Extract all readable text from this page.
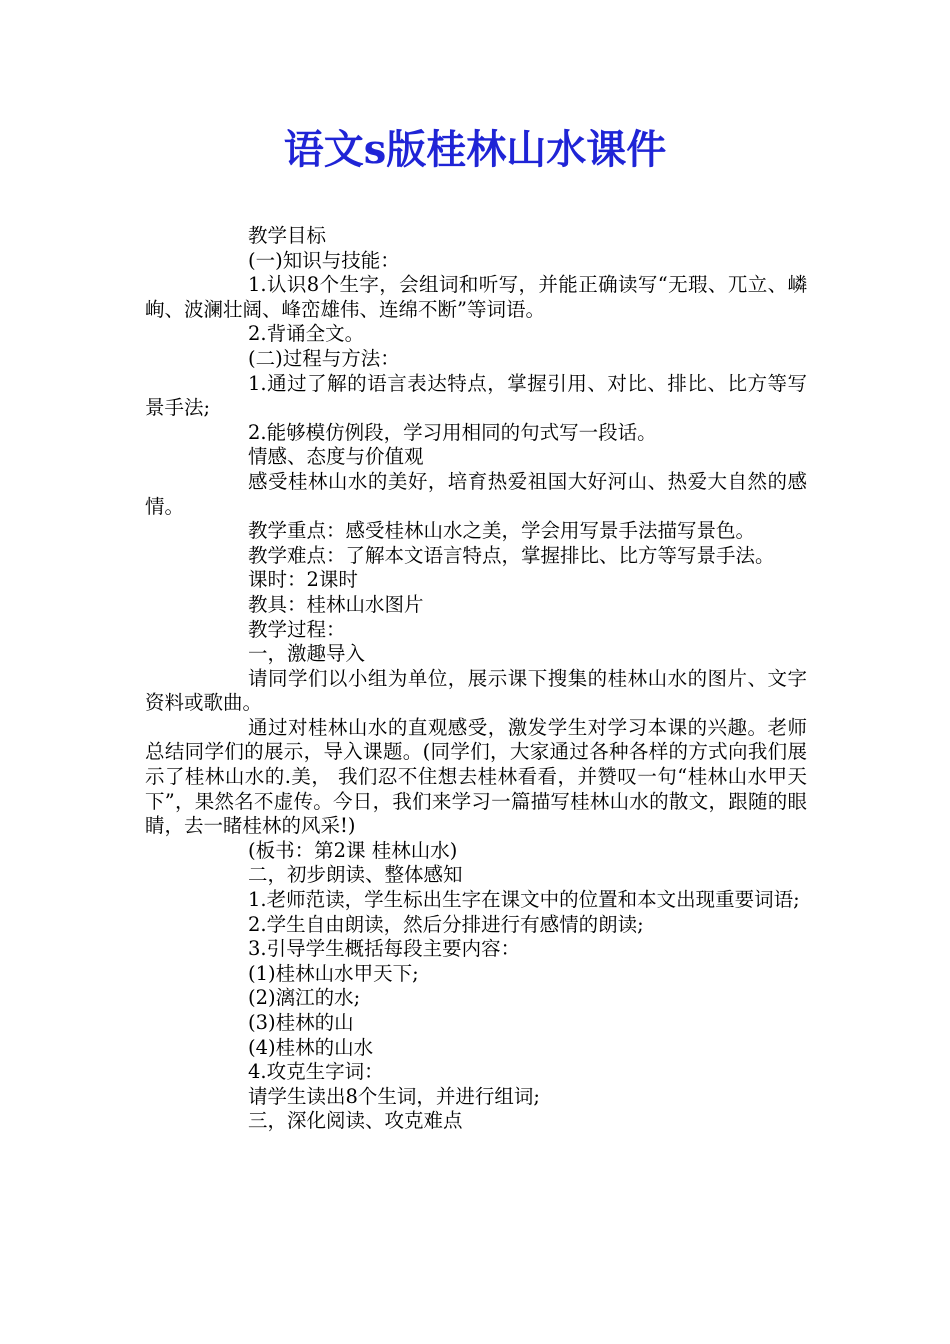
语文s版桂林山水课件

教学目标

(一)知识与技能：

1.认识8个生字，会组词和听写，并能正确读写“无瑕、兀立、嶙峋、波澜壮阔、峰峦雄伟、连绵不断”等词语。

2.背诵全文。

(二)过程与方法：

1.通过了解的语言表达特点，掌握引用、对比、排比、比方等写景手法;

2.能够模仿例段，学习用相同的句式写一段话。

情感、态度与价值观

感受桂林山水的美好，培育热爱祖国大好河山、热爱大自然的感情。

教学重点：感受桂林山水之美，学会用写景手法描写景色。

教学难点：了解本文语言特点，掌握排比、比方等写景手法。

课时：2课时

教具：桂林山水图片

教学过程：

一，激趣导入

请同学们以小组为单位，展示课下搜集的桂林山水的图片、文字资料或歌曲。

通过对桂林山水的直观感受，激发学生对学习本课的兴趣。老师总结同学们的展示，导入课题。(同学们，大家通过各种各样的方式向我们展示了桂林山水的.美， 我们忍不住想去桂林看看，并赞叹一句“桂林山水甲天下”，果然名不虚传。今日，我们来学习一篇描写桂林山水的散文，跟随的眼睛，去一睹桂林的风采!)

(板书：第2课 桂林山水)

二，初步朗读、整体感知

1.老师范读，学生标出生字在课文中的位置和本文出现重要词语;

2.学生自由朗读，然后分排进行有感情的朗读;

3.引导学生概括每段主要内容：

(1)桂林山水甲天下;

(2)漓江的水;

(3)桂林的山

(4)桂林的山水

4.攻克生字词：

请学生读出8个生词，并进行组词;

三，深化阅读、攻克难点
